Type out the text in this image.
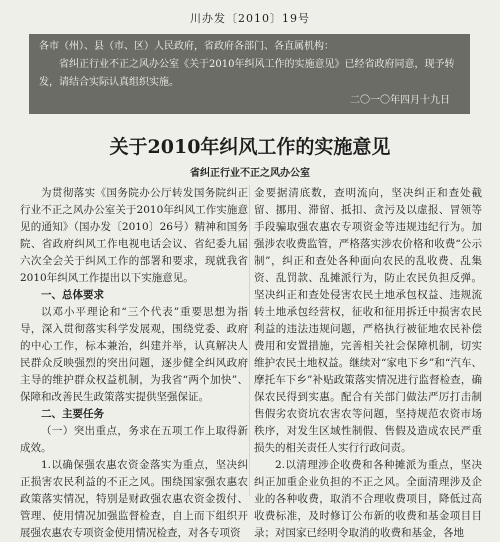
川办发〔2010〕19号

各市（州）、县（市、区）人民政府，省政府各部门、各直属机构：

省纠正行业不正之风办公室《关于2010年纠风工作的实施意见》已经省政府同意，现予转发，请结合实际认真组织实施。

二〇一〇年四月十九日

关于2010年纠风工作的实施意见
省纠正行业不正之风办公室

为贯彻落实《国务院办公厅转发国务院纠正行业不正之风办公室关于2010年纠风工作实施意见的通知》（国办发〔2010〕26号）精神和国务院、省政府纠风工作电视电话会议、省纪委九届六次全会关于纠风工作的部署和要求，现就我省2010年纠风工作提出以下实施意见。

一、总体要求

以邓小平理论和“三个代表”重要思想为指导，深入贯彻落实科学发展观，围绕党委、政府的中心工作，标本兼治，纠建并举，认真解决人民群众反映强烈的突出问题，逐步健全纠风政府主导的维护群众权益机制，为我省“两个加快”、保障和改善民生政策落实提供坚强保证。

二、主要任务

（一）突出重点，务求在五项工作上取得新成效。

1.以确保强农惠农资金落实为重点，坚决纠正损害农民利益的不正之风。围绕国家强农惠农政策落实情况，特别是财政强农惠农资金拨付、管理、使用情况加强监督检查，自上而下组织开展强农惠农专项资金使用情况检查，对各专项资

金要据清底数，查明流向，坚决纠正和查处截留、挪用、滞留、抵扣、贪污及以虚报、冒领等手段骗取强农惠农专项资金等违规违纪行为。加强涉农收费监管，严格落实涉农价格和收费“公示制”，纠正和查处各种面向农民的乱收费、乱集资、乱罚款、乱摊派行为，防止农民负担反弹。坚决纠正和查处侵害农民土地承包权益、违规流转土地承包经营权，征收和征用拆迁中损害农民利益的违法违规问题，严格执行被征地农民补偿费用和安置措施，完善相关社会保障机制，切实维护农民土地权益。继续对“家电下乡”和“汽车、摩托车下乡”补贴政策落实情况进行监督检查，确保农民得到实惠。配合有关部门做法严厉打击制售假劣农资坑农害农等问题，坚持规范农资市场秩序，对发生区域性制假、售假及造成农民严重损失的相关责任人实行行政问责。

2.以清理涉企收费和各种摊派为重点，坚决纠正加重企业负担的不正之风。全面清理涉及企业的各种收费，取消不合理收费项目，降低过高收费标准，及时修订公布新的收费和基金项目目录；对国家已经明令取消的收费和基金，各地
